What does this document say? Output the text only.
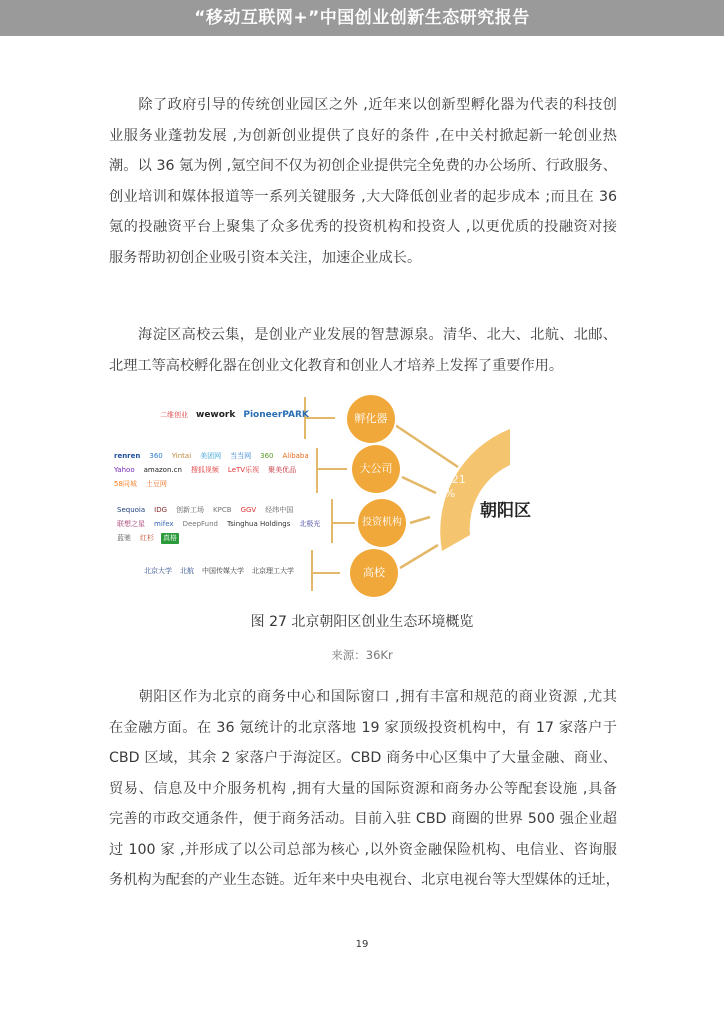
“移动互联网+”中国创业创新生态研究报告
　　除了政府引导的传统创业园区之外 ,近年来以创新型孵化器为代表的科技创
业服务业蓬勃发展 ,为创新创业提供了良好的条件 ,在中关村掀起新一轮创业热
潮。以 36 氪为例 ,氪空间不仅为初创企业提供完全免费的办公场所、行政服务、
创业培训和媒体报道等一系列关键服务 ,大大降低创业者的起步成本 ;而且在 36
氪的投融资平台上聚集了众多优秀的投资机构和投资人 ,以更优质的投融资对接
服务帮助初创企业吸引资本关注，加速企业成长。
　　海淀区高校云集，是创业产业发展的智慧源泉。清华、北大、北航、北邮、
北理工等高校孵化器在创业文化教育和创业人才培养上发挥了重要作用。
二维创业 wework PioneerPARK
renren 360 Yintai 美团网 当当网 360 Alibaba
Yahoo amazon.cn 搜狐视频 LeTV乐视 聚美优品
58同城 土豆网
Sequoia IDG 创新工场 KPCB GGV 经纬中国
联想之星 mifex DeepFund Tsinghua Holdings 北极光
蓝驰 红杉 真格
北京大学 北航 中国传媒大学 北京理工大学
孵化器
大公司
投资机构
高校
33.21
%
朝阳区
图 27 北京朝阳区创业生态环境概览
来源：36Kr
　　朝阳区作为北京的商务中心和国际窗口 ,拥有丰富和规范的商业资源 ,尤其
在金融方面。在 36 氪统计的北京落地 19 家顶级投资机构中，有 17 家落户于
CBD 区域，其余 2 家落户于海淀区。CBD 商务中心区集中了大量金融、商业、
贸易、信息及中介服务机构 ,拥有大量的国际资源和商务办公等配套设施 ,具备
完善的市政交通条件，便于商务活动。目前入驻 CBD 商圈的世界 500 强企业超
过 100 家 ,并形成了以公司总部为核心 ,以外资金融保险机构、电信业、咨询服
务机构为配套的产业生态链。近年来中央电视台、北京电视台等大型媒体的迁址，
19
